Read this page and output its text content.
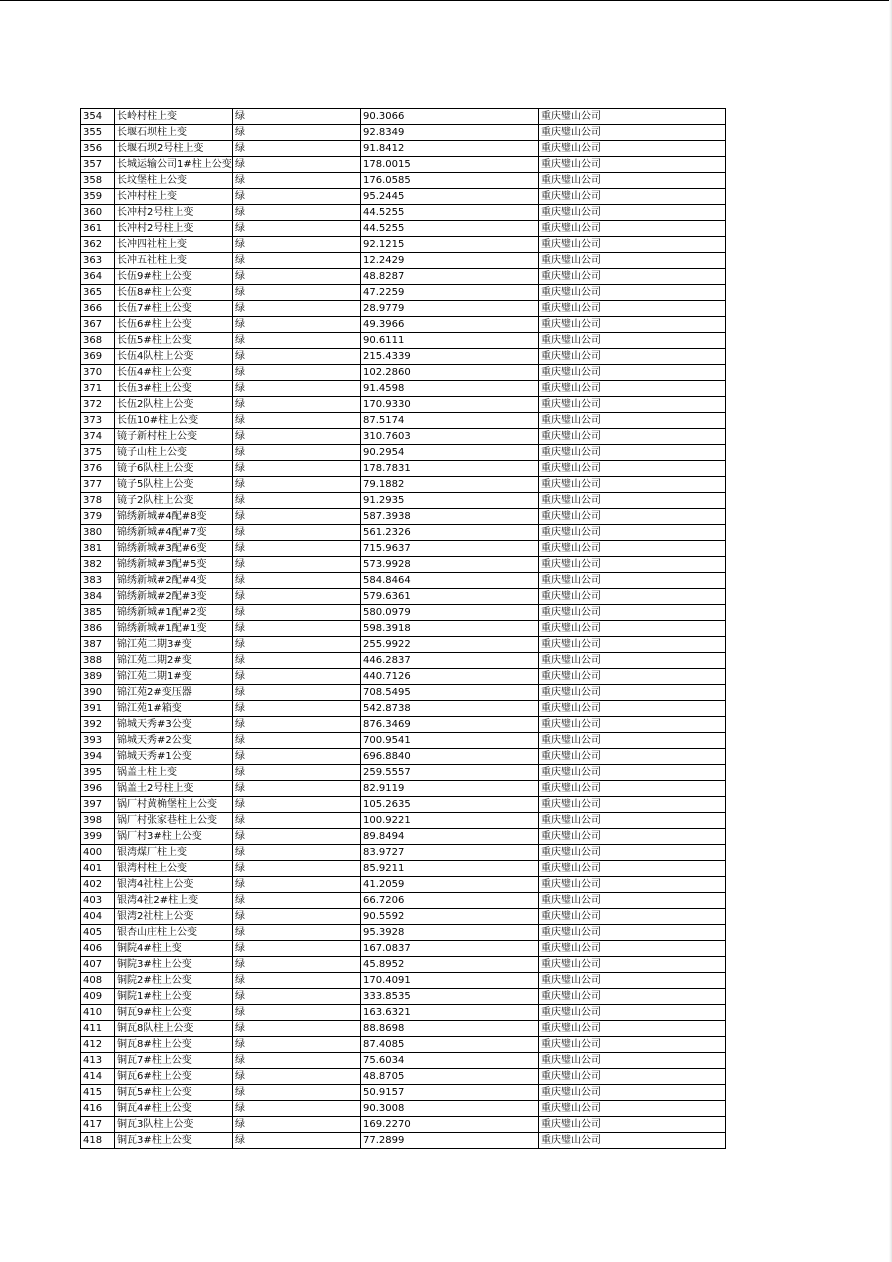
354	长岭村柱上变	绿	90.3066	重庆璧山公司
355	长堰石坝柱上变	绿	92.8349	重庆璧山公司
356	长堰石坝2号柱上变	绿	91.8412	重庆璧山公司
357	长城运输公司1#柱上公变	绿	178.0015	重庆璧山公司
358	长坟堡柱上公变	绿	176.0585	重庆璧山公司
359	长冲村柱上变	绿	95.2445	重庆璧山公司
360	长冲村2号柱上变	绿	44.5255	重庆璧山公司
361	长冲村2号柱上变	绿	44.5255	重庆璧山公司
362	长冲四社柱上变	绿	92.1215	重庆璧山公司
363	长冲五社柱上变	绿	12.2429	重庆璧山公司
364	长伍9#柱上公变	绿	48.8287	重庆璧山公司
365	长伍8#柱上公变	绿	47.2259	重庆璧山公司
366	长伍7#柱上公变	绿	28.9779	重庆璧山公司
367	长伍6#柱上公变	绿	49.3966	重庆璧山公司
368	长伍5#柱上公变	绿	90.6111	重庆璧山公司
369	长伍4队柱上公变	绿	215.4339	重庆璧山公司
370	长伍4#柱上公变	绿	102.2860	重庆璧山公司
371	长伍3#柱上公变	绿	91.4598	重庆璧山公司
372	长伍2队柱上公变	绿	170.9330	重庆璧山公司
373	长伍10#柱上公变	绿	87.5174	重庆璧山公司
374	镜子新村柱上公变	绿	310.7603	重庆璧山公司
375	镜子山柱上公变	绿	90.2954	重庆璧山公司
376	镜子6队柱上公变	绿	178.7831	重庆璧山公司
377	镜子5队柱上公变	绿	79.1882	重庆璧山公司
378	镜子2队柱上公变	绿	91.2935	重庆璧山公司
379	锦绣新城#4配#8变	绿	587.3938	重庆璧山公司
380	锦绣新城#4配#7变	绿	561.2326	重庆璧山公司
381	锦绣新城#3配#6变	绿	715.9637	重庆璧山公司
382	锦绣新城#3配#5变	绿	573.9928	重庆璧山公司
383	锦绣新城#2配#4变	绿	584.8464	重庆璧山公司
384	锦绣新城#2配#3变	绿	579.6361	重庆璧山公司
385	锦绣新城#1配#2变	绿	580.0979	重庆璧山公司
386	锦绣新城#1配#1变	绿	598.3918	重庆璧山公司
387	锦江苑二期3#变	绿	255.9922	重庆璧山公司
388	锦江苑二期2#变	绿	446.2837	重庆璧山公司
389	锦江苑二期1#变	绿	440.7126	重庆璧山公司
390	锦江苑2#变压器	绿	708.5495	重庆璧山公司
391	锦江苑1#箱变	绿	542.8738	重庆璧山公司
392	锦城天秀#3公变	绿	876.3469	重庆璧山公司
393	锦城天秀#2公变	绿	700.9541	重庆璧山公司
394	锦城天秀#1公变	绿	696.8840	重庆璧山公司
395	锅盖土柱上变	绿	259.5557	重庆璧山公司
396	锅盖土2号柱上变	绿	82.9119	重庆璧山公司
397	锅厂村黄桷堡柱上公变	绿	105.2635	重庆璧山公司
398	锅厂村张家巷柱上公变	绿	100.9221	重庆璧山公司
399	锅厂村3#柱上公变	绿	89.8494	重庆璧山公司
400	银湾煤厂柱上变	绿	83.9727	重庆璧山公司
401	银湾村柱上公变	绿	85.9211	重庆璧山公司
402	银湾4社柱上公变	绿	41.2059	重庆璧山公司
403	银湾4社2#柱上变	绿	66.7206	重庆璧山公司
404	银湾2社柱上公变	绿	90.5592	重庆璧山公司
405	银杏山庄柱上公变	绿	95.3928	重庆璧山公司
406	铜院4#柱上变	绿	167.0837	重庆璧山公司
407	铜院3#柱上公变	绿	45.8952	重庆璧山公司
408	铜院2#柱上公变	绿	170.4091	重庆璧山公司
409	铜院1#柱上公变	绿	333.8535	重庆璧山公司
410	铜瓦9#柱上公变	绿	163.6321	重庆璧山公司
411	铜瓦8队柱上公变	绿	88.8698	重庆璧山公司
412	铜瓦8#柱上公变	绿	87.4085	重庆璧山公司
413	铜瓦7#柱上公变	绿	75.6034	重庆璧山公司
414	铜瓦6#柱上公变	绿	48.8705	重庆璧山公司
415	铜瓦5#柱上公变	绿	50.9157	重庆璧山公司
416	铜瓦4#柱上公变	绿	90.3008	重庆璧山公司
417	铜瓦3队柱上公变	绿	169.2270	重庆璧山公司
418	铜瓦3#柱上公变	绿	77.2899	重庆璧山公司
